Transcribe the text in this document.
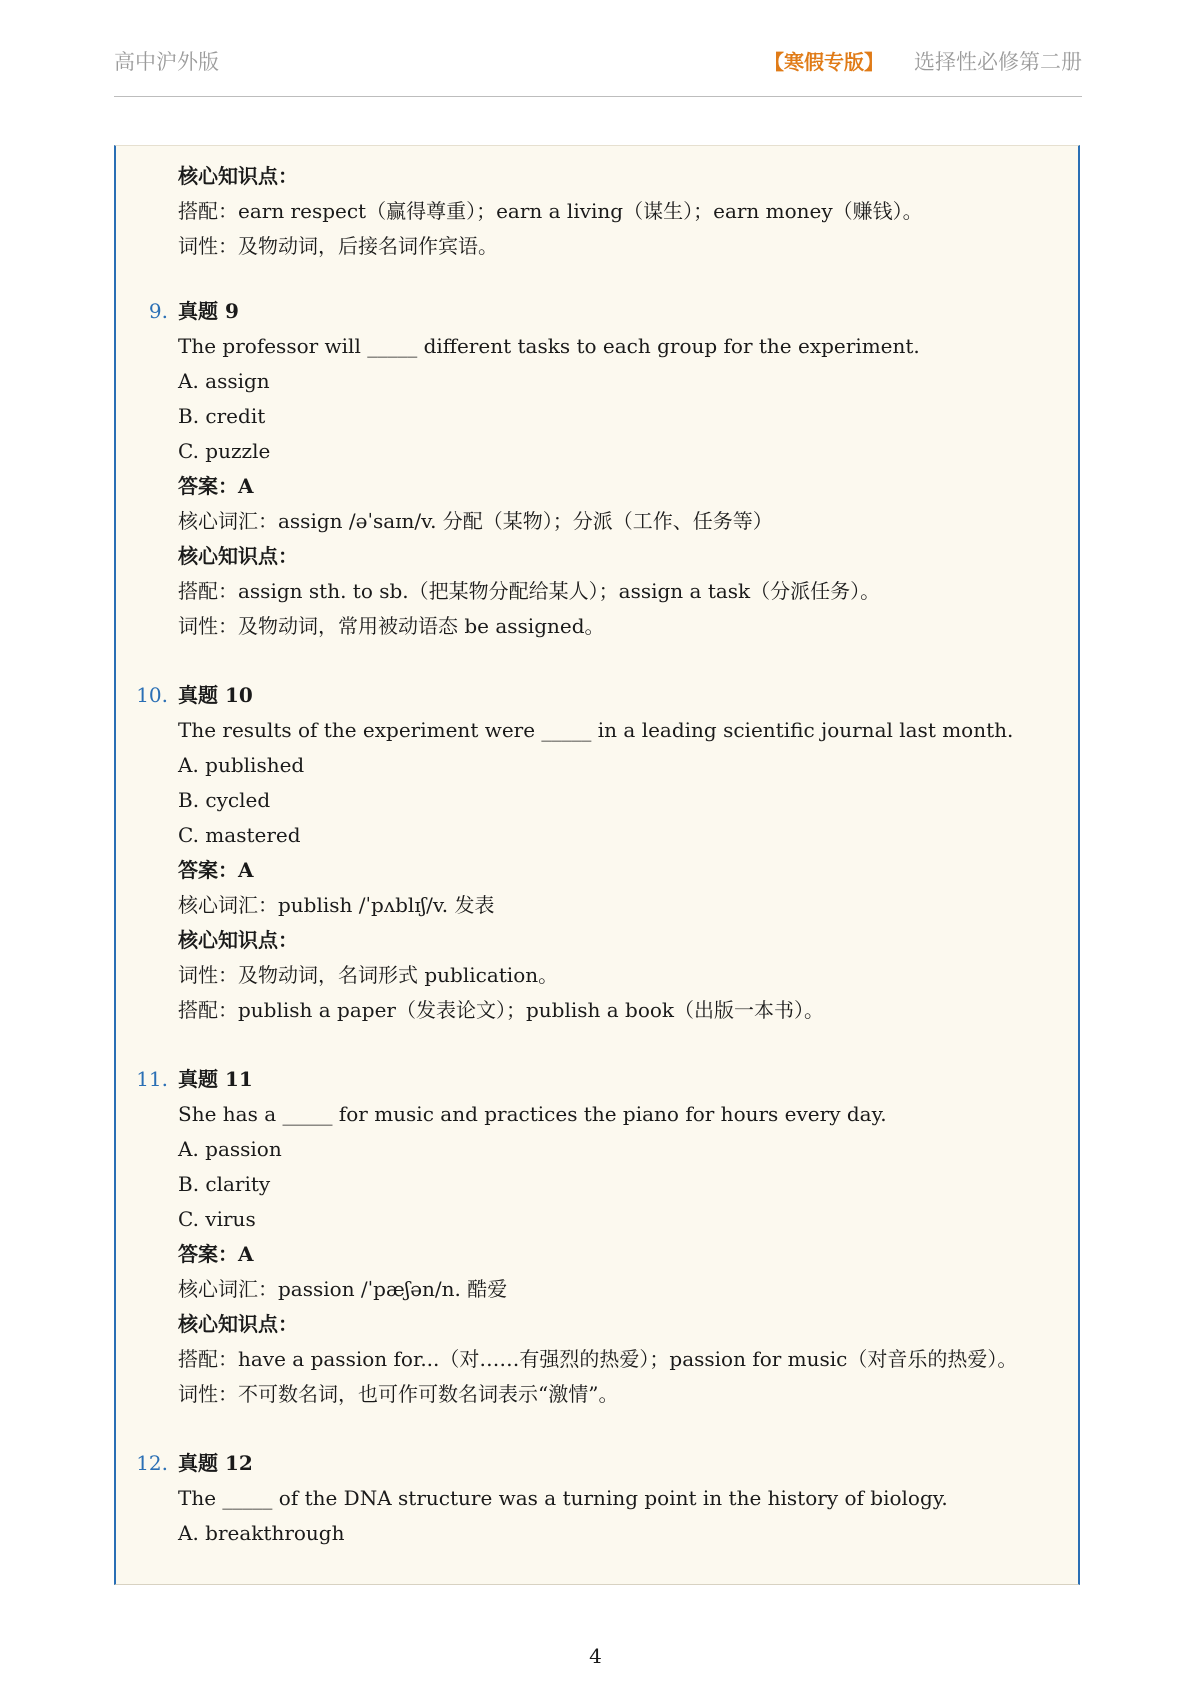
高中沪外版	【寒假专版】 选择性必修第二册
核心知识点：
搭配：earn respect（赢得尊重）；earn a living（谋生）；earn money（赚钱）。
词性：及物动词，后接名词作宾语。
9. 真题 9
The professor will _____ different tasks to each group for the experiment.
A. assign
B. credit
C. puzzle
答案：A
核心词汇：assign /əˈsaɪn/v. 分配（某物）；分派（工作、任务等）
核心知识点：
搭配：assign sth. to sb.（把某物分配给某人）；assign a task（分派任务）。
词性：及物动词，常用被动语态 be assigned。
10. 真题 10
The results of the experiment were _____ in a leading scientific journal last month.
A. published
B. cycled
C. mastered
答案：A
核心词汇：publish /ˈpʌblɪʃ/v. 发表
核心知识点：
词性：及物动词，名词形式 publication。
搭配：publish a paper（发表论文）；publish a book（出版一本书）。
11. 真题 11
She has a _____ for music and practices the piano for hours every day.
A. passion
B. clarity
C. virus
答案：A
核心词汇：passion /ˈpæʃən/n. 酷爱
核心知识点：
搭配：have a passion for...（对……有强烈的热爱）；passion for music（对音乐的热爱）。
词性：不可数名词，也可作可数名词表示“激情”。
12. 真题 12
The _____ of the DNA structure was a turning point in the history of biology.
A. breakthrough
4
